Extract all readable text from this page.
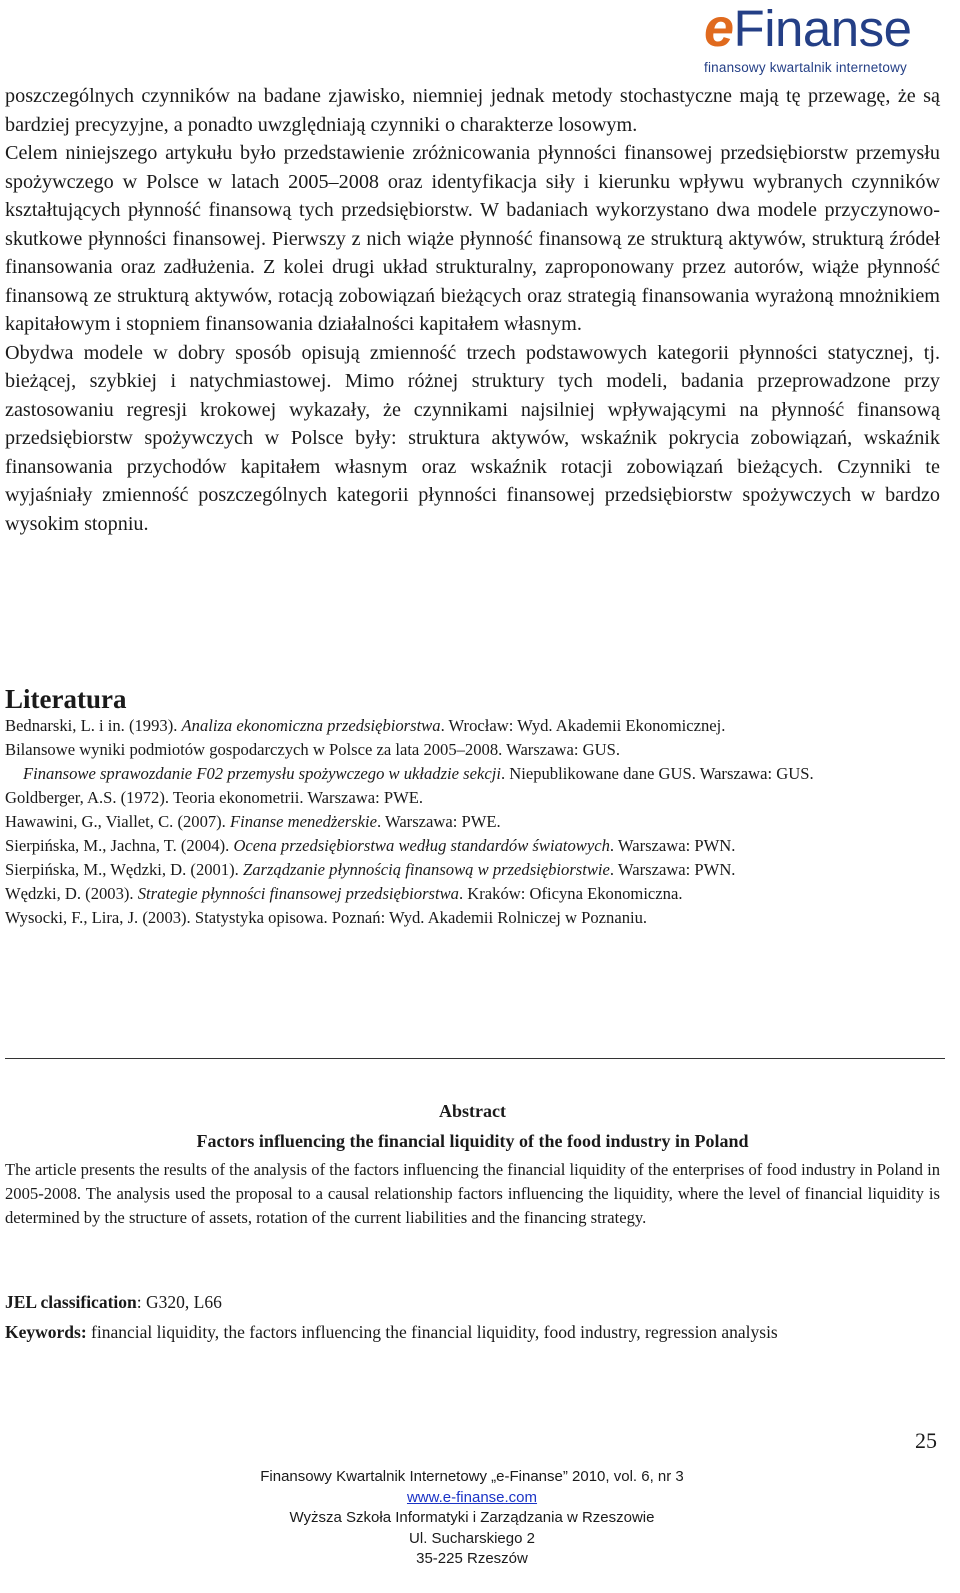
eFinanse
finansowy kwartalnik internetowy

poszczególnych czynników na badane zjawisko, niemniej jednak metody stochastyczne mają tę przewagę, że są bardziej precyzyjne, a ponadto uwzględniają czynniki o charakterze losowym.

Celem niniejszego artykułu było przedstawienie zróżnicowania płynności finansowej przedsiębiorstw przemysłu spożywczego w Polsce w latach 2005–2008 oraz identyfikacja siły i kierunku wpływu wybranych czynników kształtujących płynność finansową tych przedsiębiorstw. W badaniach wykorzystano dwa modele przyczynowo-skutkowe płynności finansowej. Pierwszy z nich wiąże płynność finansową ze strukturą aktywów, strukturą źródeł finansowania oraz zadłużenia. Z kolei drugi układ strukturalny, zaproponowany przez autorów, wiąże płynność finansową ze strukturą aktywów, rotacją zobowiązań bieżących oraz strategią finansowania wyrażoną mnożnikiem kapitałowym i stopniem finansowania działalności kapitałem własnym.

Obydwa modele w dobry sposób opisują zmienność trzech podstawowych kategorii płynności statycznej, tj. bieżącej, szybkiej i natychmiastowej. Mimo różnej struktury tych modeli, badania przeprowadzone przy zastosowaniu regresji krokowej wykazały, że czynnikami najsilniej wpływającymi na płynność finansową przedsiębiorstw spożywczych w Polsce były: struktura aktywów, wskaźnik pokrycia zobowiązań, wskaźnik finansowania przychodów kapitałem własnym oraz wskaźnik rotacji zobowiązań bieżących. Czynniki te wyjaśniały zmienność poszczególnych kategorii płynności finansowej przedsiębiorstw spożywczych w bardzo wysokim stopniu.

Literatura

Bednarski, L. i in. (1993). Analiza ekonomiczna przedsiębiorstwa. Wrocław: Wyd. Akademii Ekonomicznej.

Bilansowe wyniki podmiotów gospodarczych w Polsce za lata 2005–2008. Warszawa: GUS.

Finansowe sprawozdanie F02 przemysłu spożywczego w układzie sekcji. Niepublikowane dane GUS. Warszawa: GUS.

Goldberger, A.S. (1972). Teoria ekonometrii. Warszawa: PWE.

Hawawini, G., Viallet, C. (2007). Finanse menedżerskie. Warszawa: PWE.

Sierpińska, M., Jachna, T. (2004). Ocena przedsiębiorstwa według standardów światowych. Warszawa: PWN.

Sierpińska, M., Wędzki, D. (2001). Zarządzanie płynnością finansową w przedsiębiorstwie. Warszawa: PWN.

Wędzki, D. (2003). Strategie płynności finansowej przedsiębiorstwa. Kraków: Oficyna Ekonomiczna.

Wysocki, F., Lira, J. (2003). Statystyka opisowa. Poznań: Wyd. Akademii Rolniczej w Poznaniu.

Abstract

Factors influencing the financial liquidity of the food industry in Poland

The article presents the results of the analysis of the factors influencing the financial liquidity of the enterprises of food industry in Poland in 2005-2008. The analysis used the proposal to a causal relationship factors influencing the liquidity, where the level of financial liquidity is determined by the structure of assets, rotation of the current liabilities and the financing strategy.

JEL classification: G320, L66

Keywords: financial liquidity, the factors influencing the financial liquidity, food industry, regression analysis

25

Finansowy Kwartalnik Internetowy „e-Finanse” 2010, vol. 6, nr 3
www.e-finanse.com
Wyższa Szkoła Informatyki i Zarządzania w Rzeszowie
Ul. Sucharskiego 2
35-225 Rzeszów
